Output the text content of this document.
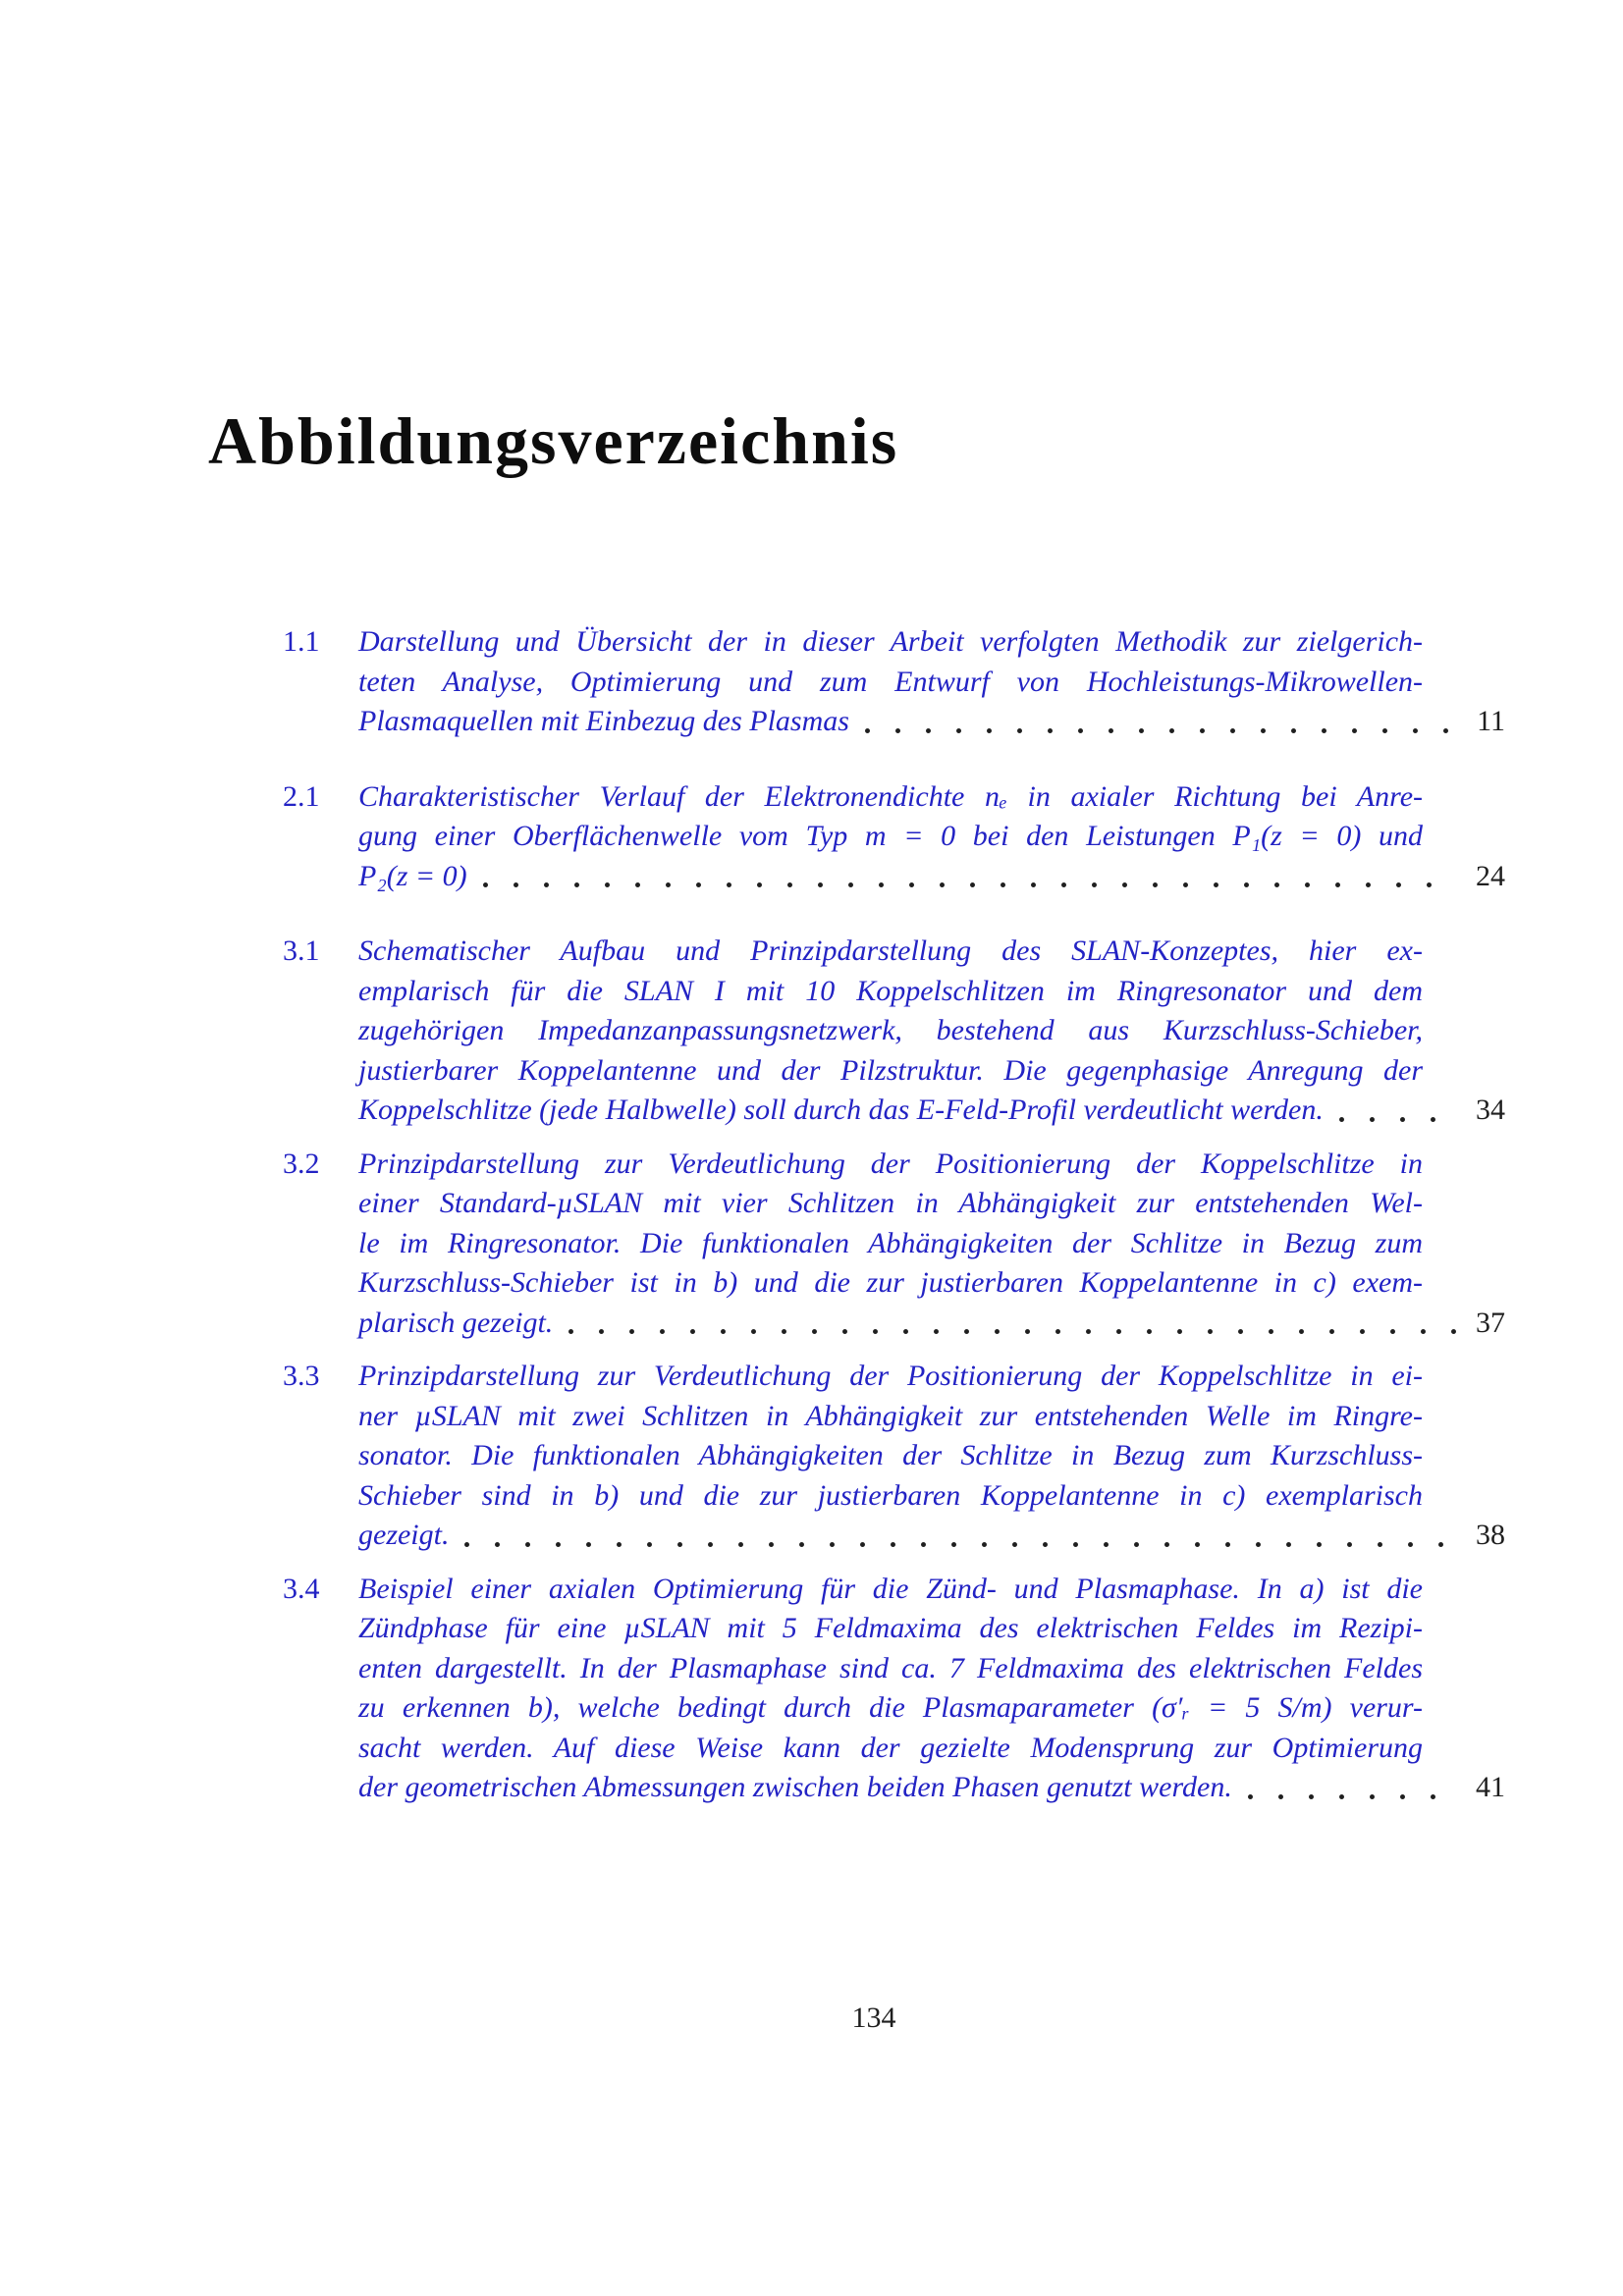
Abbildungsverzeichnis
1.1	Darstellung und Übersicht der in dieser Arbeit verfolgten Methodik zur zielgerich-
teten Analyse, Optimierung und zum Entwurf von Hochleistungs-Mikrowellen-
Plasmaquellen mit Einbezug des Plasmas	11
2.1	Charakteristischer Verlauf der Elektronendichte nₑ in axialer Richtung bei Anre-
gung einer Oberflächenwelle vom Typ m = 0 bei den Leistungen P₁(z = 0) und
P₂(z = 0)	24
3.1	Schematischer Aufbau und Prinzipdarstellung des SLAN-Konzeptes, hier ex-
emplarisch für die SLAN I mit 10 Koppelschlitzen im Ringresonator und dem
zugehörigen Impedanzanpassungsnetzwerk, bestehend aus Kurzschluss-Schieber,
justierbarer Koppelantenne und der Pilzstruktur. Die gegenphasige Anregung der
Koppelschlitze (jede Halbwelle) soll durch das E-Feld-Profil verdeutlicht werden.	34
3.2	Prinzipdarstellung zur Verdeutlichung der Positionierung der Koppelschlitze in
einer Standard-µSLAN mit vier Schlitzen in Abhängigkeit zur entstehenden Wel-
le im Ringresonator. Die funktionalen Abhängigkeiten der Schlitze in Bezug zum
Kurzschluss-Schieber ist in b) und die zur justierbaren Koppelantenne in c) exem-
plarisch gezeigt.	37
3.3	Prinzipdarstellung zur Verdeutlichung der Positionierung der Koppelschlitze in ei-
ner µSLAN mit zwei Schlitzen in Abhängigkeit zur entstehenden Welle im Ringre-
sonator. Die funktionalen Abhängigkeiten der Schlitze in Bezug zum Kurzschluss-
Schieber sind in b) und die zur justierbaren Koppelantenne in c) exemplarisch
gezeigt.	38
3.4	Beispiel einer axialen Optimierung für die Zünd- und Plasmaphase. In a) ist die
Zündphase für eine µSLAN mit 5 Feldmaxima des elektrischen Feldes im Rezipi-
enten dargestellt. In der Plasmaphase sind ca. 7 Feldmaxima des elektrischen Feldes
zu erkennen b), welche bedingt durch die Plasmaparameter (σ′ᵣ = 5 S/m) verur-
sacht werden. Auf diese Weise kann der gezielte Modensprung zur Optimierung
der geometrischen Abmessungen zwischen beiden Phasen genutzt werden.	41
134
